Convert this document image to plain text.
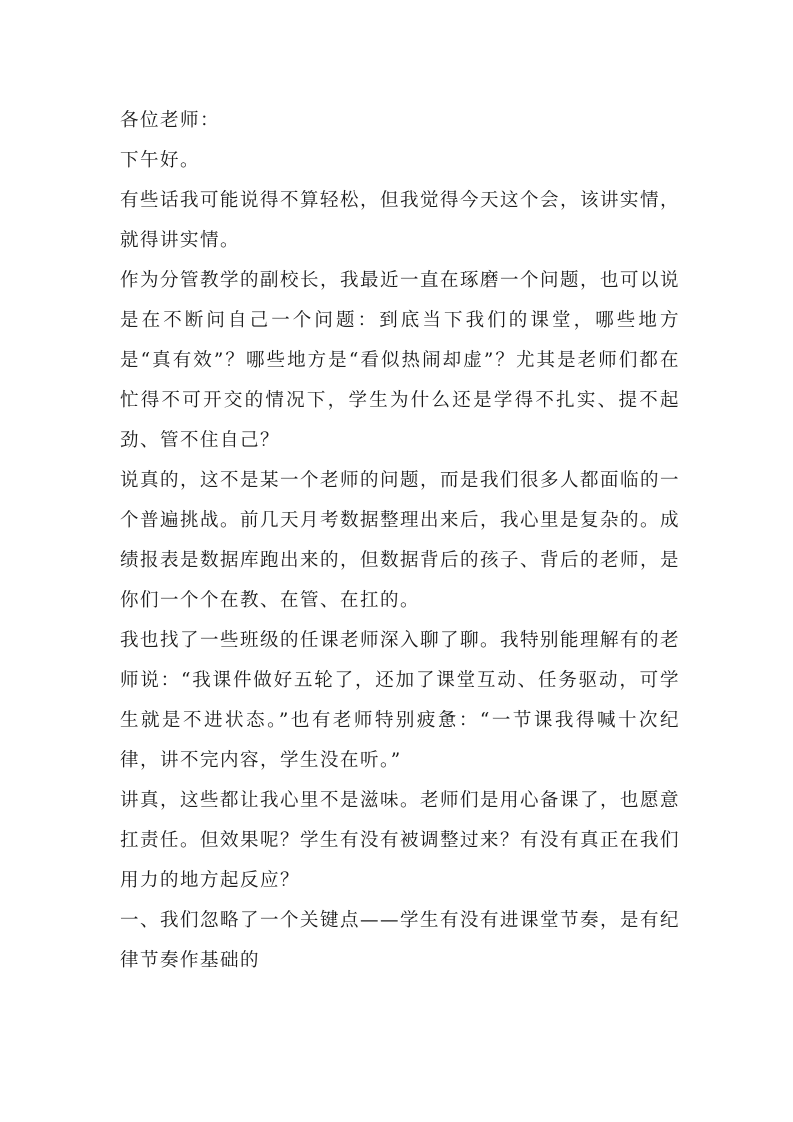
各位老师：

下午好。

有些话我可能说得不算轻松，但我觉得今天这个会，该讲实情，就得讲实情。

作为分管教学的副校长，我最近一直在琢磨一个问题，也可以说是在不断问自己一个问题：到底当下我们的课堂，哪些地方是“真有效”？哪些地方是“看似热闹却虚”？尤其是老师们都在忙得不可开交的情况下，学生为什么还是学得不扎实、提不起劲、管不住自己？

说真的，这不是某一个老师的问题，而是我们很多人都面临的一个普遍挑战。前几天月考数据整理出来后，我心里是复杂的。成绩报表是数据库跑出来的，但数据背后的孩子、背后的老师，是你们一个个在教、在管、在扛的。

我也找了一些班级的任课老师深入聊了聊。我特别能理解有的老师说：“我课件做好五轮了，还加了课堂互动、任务驱动，可学生就是不进状态。”也有老师特别疲惫：“一节课我得喊十次纪律，讲不完内容，学生没在听。”

讲真，这些都让我心里不是滋味。老师们是用心备课了，也愿意扛责任。但效果呢？学生有没有被调整过来？有没有真正在我们用力的地方起反应？

一、我们忽略了一个关键点——学生有没有进课堂节奏，是有纪律节奏作基础的
